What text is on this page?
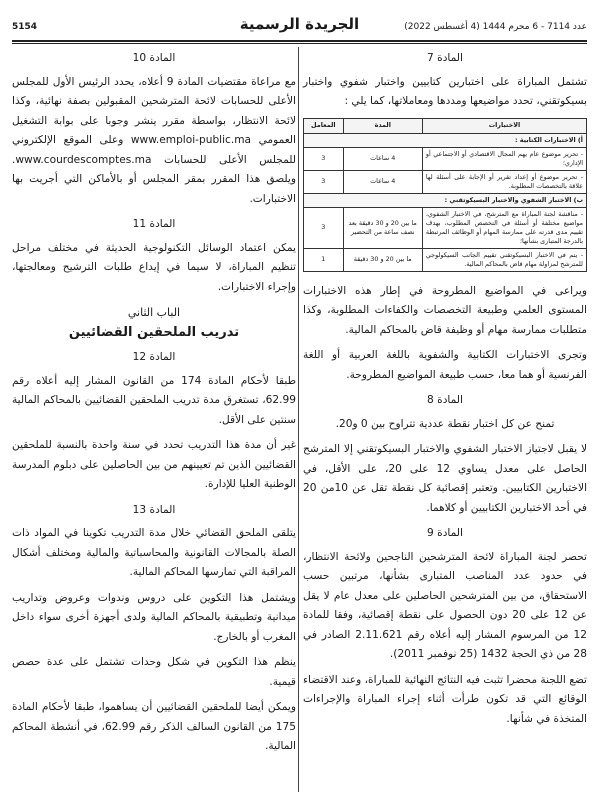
5154	الجريدة الرسمية	عدد 7114 - 6 محرم 1444 (4 أغسطس 2022)
المادة 7

تشتمل المباراة على اختبارين كتابيين واختبار شفوي واختبار بسيكوتقني، تحدد مواضيعها ومددها ومعاملاتها، كما يلي :

الاختبارات	المدة	المعامل
أ) الاختبارات الكتابية :		
- تحرير موضوع عام يهم المجال الاقتصادي أو الاجتماعي أو الإداري؛	4 ساعات	3
- تحرير موضوع أو إعداد تقرير أو الإجابة على أسئلة لها علاقة بالتخصصات المطلوبة.	4 ساعات	3
ب) الاختبار الشفوي والاختبار البسيكوتقني :		
- مناقشة لجنة المباراة مع المترشح، في الاختبار الشفوي، مواضيع مختلفة أو أسئلة في التخصص المطلوب، بهدف تقييم مدى قدرته على ممارسة المهام أو الوظائف المرتبطة بالدرجة المتبارى بشأنها؛	ما بين 20 و 30 دقيقة بعد نصف ساعة من التحضير	3
- يتم في الاختبار البسيكوتقني تقييم الجانب السيكولوجي للمترشح لمزاولة مهام قاض بالمحاكم المالية.	ما بين 20 و 30 دقيقة	1

ويراعى في المواضيع المطروحة في إطار هذه الاختبارات المستوى العلمي وطبيعة التخصصات والكفاءات المطلوبة، وكذا متطلبات ممارسة مهام أو وظيفة قاض بالمحاكم المالية.

وتجرى الاختبارات الكتابية والشفوية باللغة العربية أو اللغة الفرنسية أو هما معا، حسب طبيعة المواضيع المطروحة.

المادة 8

تمنح عن كل اختبار نقطة عددية تتراوح بين 0 و20.

لا يقبل لاجتياز الاختبار الشفوي والاختبار البسيكوتقني إلا المترشح الحاصل على معدل يساوي 12 على 20، على الأقل، في الاختبارين الكتابيين. وتعتبر إقصائية كل نقطة تقل عن 10من 20 في أحد الاختبارين الكتابيين أو كلاهما.

المادة 9

تحصر لجنة المباراة لائحة المترشحين الناجحين ولائحة الانتظار، في حدود عدد المناصب المتبارى بشأنها، مرتبين حسب الاستحقاق، من بين المترشحين الحاصلين على معدل عام لا يقل عن 12 على 20 دون الحصول على نقطة إقصائية، وفقا للمادة 12 من المرسوم المشار إليه أعلاه رقم 2.11.621 الصادر في 28 من ذي الحجة 1432 (25 نوفمبر 2011).

تضع اللجنة محضرا تثبت فيه النتائج النهائية للمباراة، وعند الاقتضاء الوقائع التي قد تكون طرأت أثناء إجراء المباراة والإجراءات المتخذة في شأنها.

المادة 10

مع مراعاة مقتضيات المادة 9 أعلاه، يحدد الرئيس الأول للمجلس الأعلى للحسابات لائحة المترشحين المقبولين بصفة نهائية، وكذا لائحة الانتظار، بواسطة مقرر ينشر وجوبا على بوابة التشغيل العمومي www.emploi-public.ma وعلى الموقع الإلكتروني للمجلس الأعلى للحسابات www.courdescomptes.ma. ويلصق هذا المقرر بمقر المجلس أو بالأماكن التي أجريت بها الاختبارات.

المادة 11

يمكن اعتماد الوسائل التكنولوجية الحديثة في مختلف مراحل تنظيم المباراة، لا سيما في إيداع طلبات الترشيح ومعالجتها، وإجراء الاختبارات.

الباب الثاني
تدريب الملحقين القضائيين
المادة 12

طبقا لأحكام المادة 174 من القانون المشار إليه أعلاه رقم 62.99، تستغرق مدة تدريب الملحقين القضائيين بالمحاكم المالية سنتين على الأقل.

غير أن مدة هذا التدريب تحدد في سنة واحدة بالنسبة للملحقين القضائيين الذين تم تعيينهم من بين الحاصلين على دبلوم المدرسة الوطنية العليا للإدارة.

المادة 13

يتلقى الملحق القضائي خلال مدة التدريب تكوينا في المواد ذات الصلة بالمجالات القانونية والمحاسباتية والمالية ومختلف أشكال المراقبة التي تمارسها المحاكم المالية.

ويشتمل هذا التكوين على دروس وندوات وعروض وتداريب ميدانية وتطبيقية بالمحاكم المالية ولدى أجهزة أخرى سواء داخل المغرب أو بالخارج.

ينظم هذا التكوين في شكل وحدات تشتمل على عدة حصص قيمية.

ويمكن أيضا للملحقين القضائيين أن يساهموا، طبقا لأحكام المادة 175 من القانون السالف الذكر رقم 62.99، في أنشطة المحاكم المالية.
